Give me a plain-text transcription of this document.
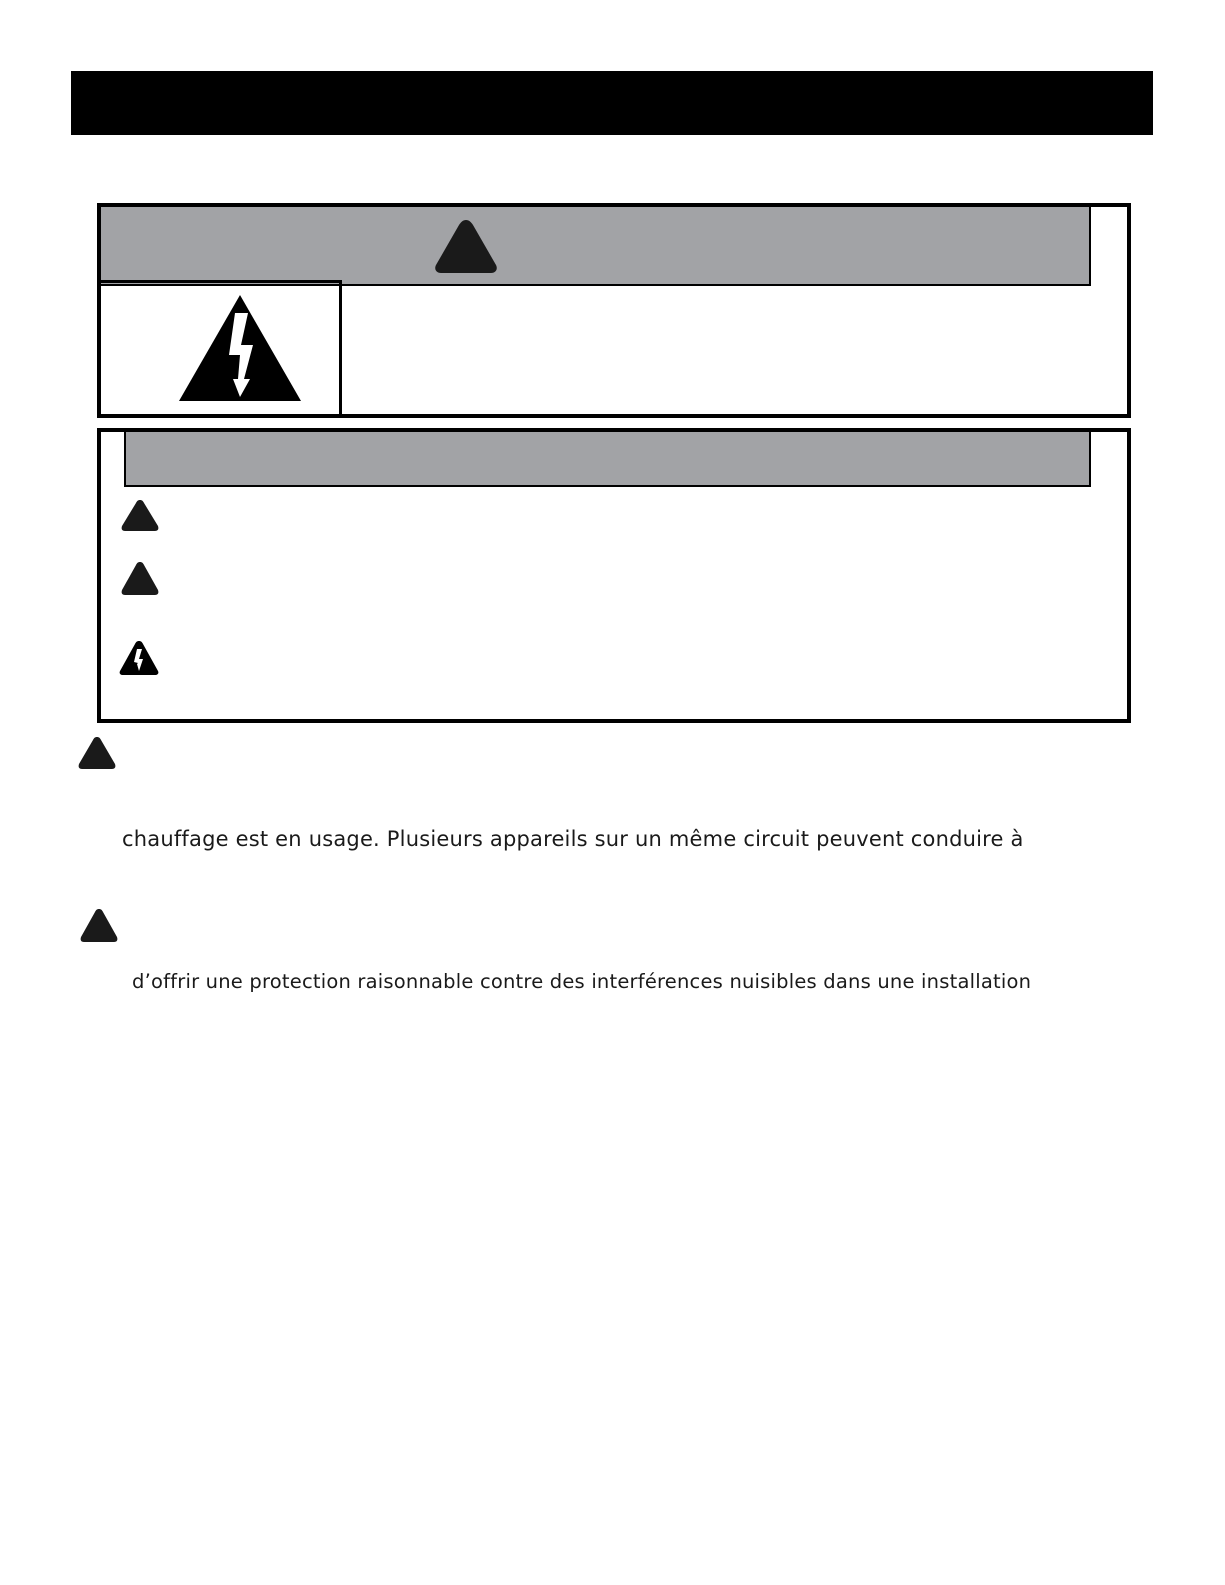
chauffage est en usage. Plusieurs appareils sur un même circuit peuvent conduire à
d’offrir une protection raisonnable contre des interférences nuisibles dans une installation
